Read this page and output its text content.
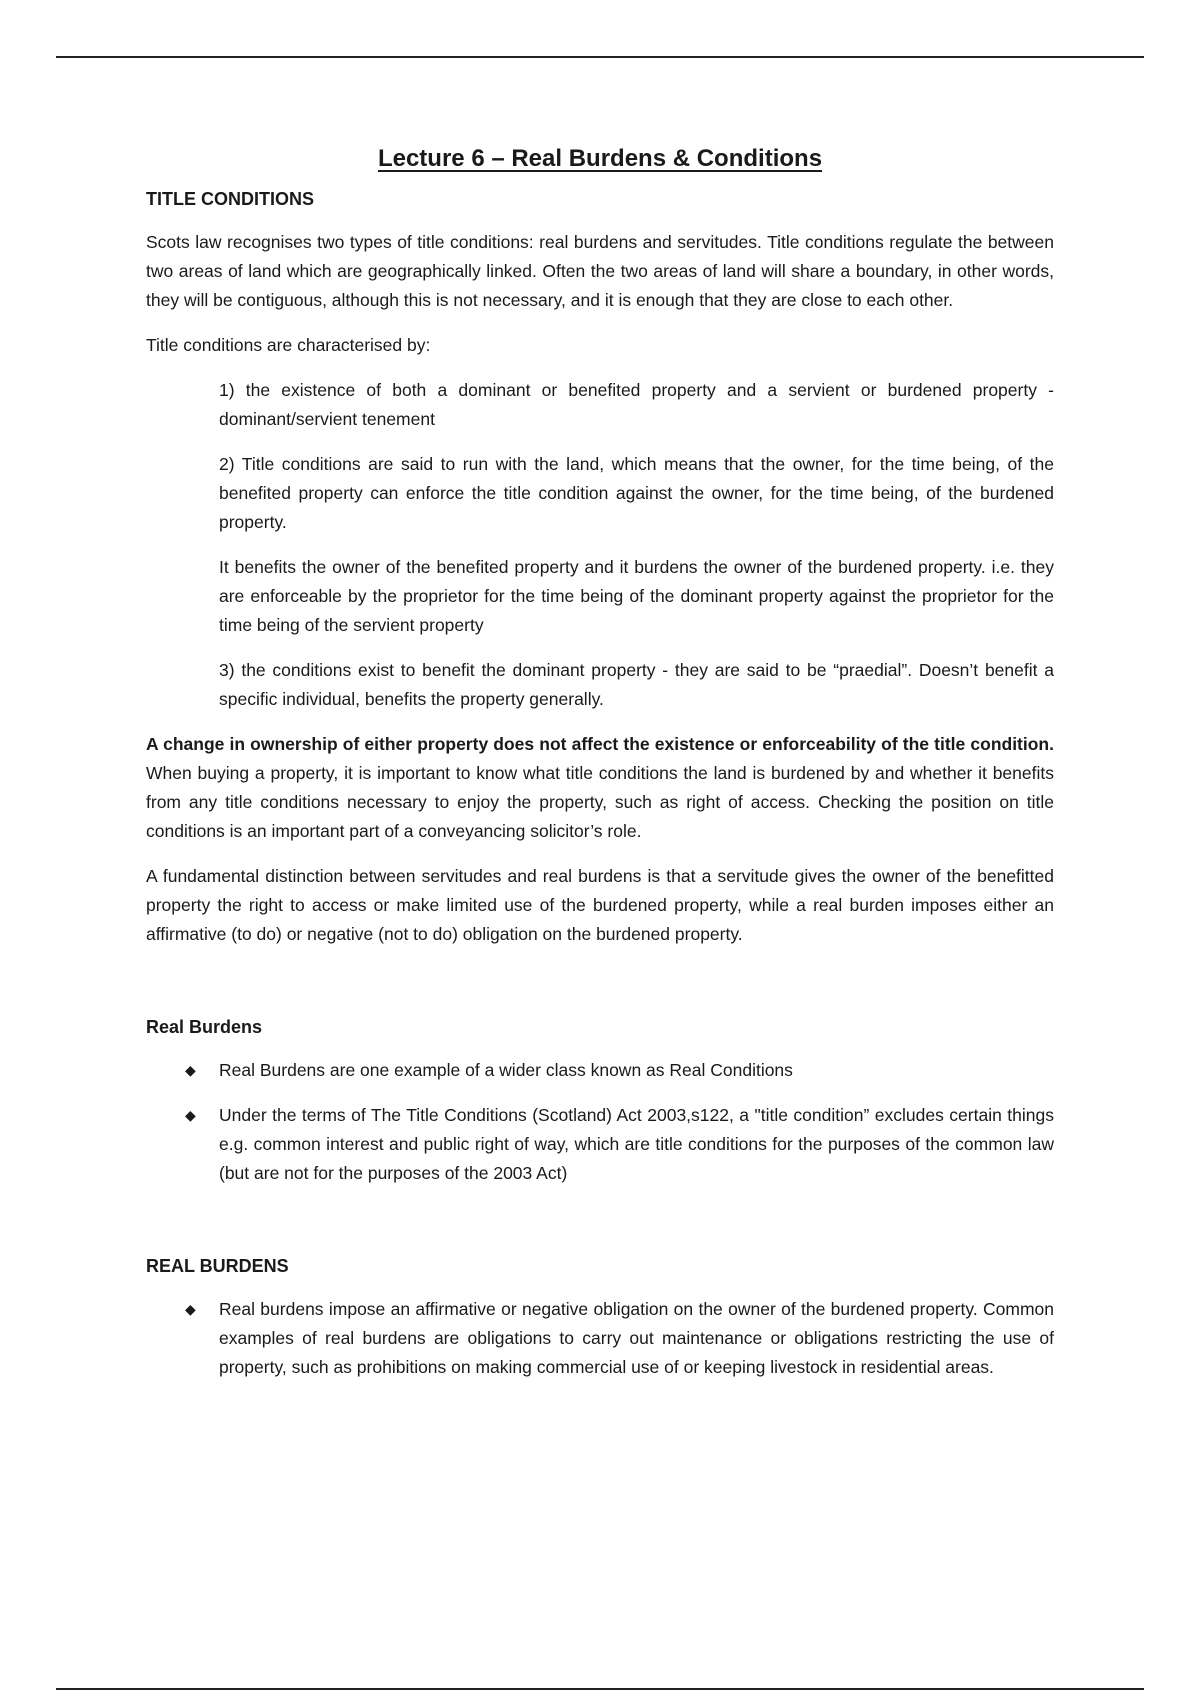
Lecture 6 – Real Burdens & Conditions
TITLE CONDITIONS

Scots law recognises two types of title conditions: real burdens and servitudes. Title conditions regulate the between two areas of land which are geographically linked. Often the two areas of land will share a boundary, in other words, they will be contiguous, although this is not necessary, and it is enough that they are close to each other.

Title conditions are characterised by:

1) the existence of both a dominant or benefited property and a servient or burdened property - dominant/servient tenement

2) Title conditions are said to run with the land, which means that the owner, for the time being, of the benefited property can enforce the title condition against the owner, for the time being, of the burdened property.

It benefits the owner of the benefited property and it burdens the owner of the burdened property. i.e. they are enforceable by the proprietor for the time being of the dominant property against the proprietor for the time being of the servient property

3) the conditions exist to benefit the dominant property - they are said to be “praedial”. Doesn’t benefit a specific individual, benefits the property generally.

A change in ownership of either property does not affect the existence or enforceability of the title condition. When buying a property, it is important to know what title conditions the land is burdened by and whether it benefits from any title conditions necessary to enjoy the property, such as right of access. Checking the position on title conditions is an important part of a conveyancing solicitor’s role.

A fundamental distinction between servitudes and real burdens is that a servitude gives the owner of the benefitted property the right to access or make limited use of the burdened property, while a real burden imposes either an affirmative (to do) or negative (not to do) obligation on the burdened property.

Real Burdens
◆ Real Burdens are one example of a wider class known as Real Conditions
◆ Under the terms of The Title Conditions (Scotland) Act 2003,s122, a "title condition” excludes certain things e.g. common interest and public right of way, which are title conditions for the purposes of the common law (but are not for the purposes of the 2003 Act)
REAL BURDENS
◆ Real burdens impose an affirmative or negative obligation on the owner of the burdened property. Common examples of real burdens are obligations to carry out maintenance or obligations restricting the use of property, such as prohibitions on making commercial use of or keeping livestock in residential areas.
